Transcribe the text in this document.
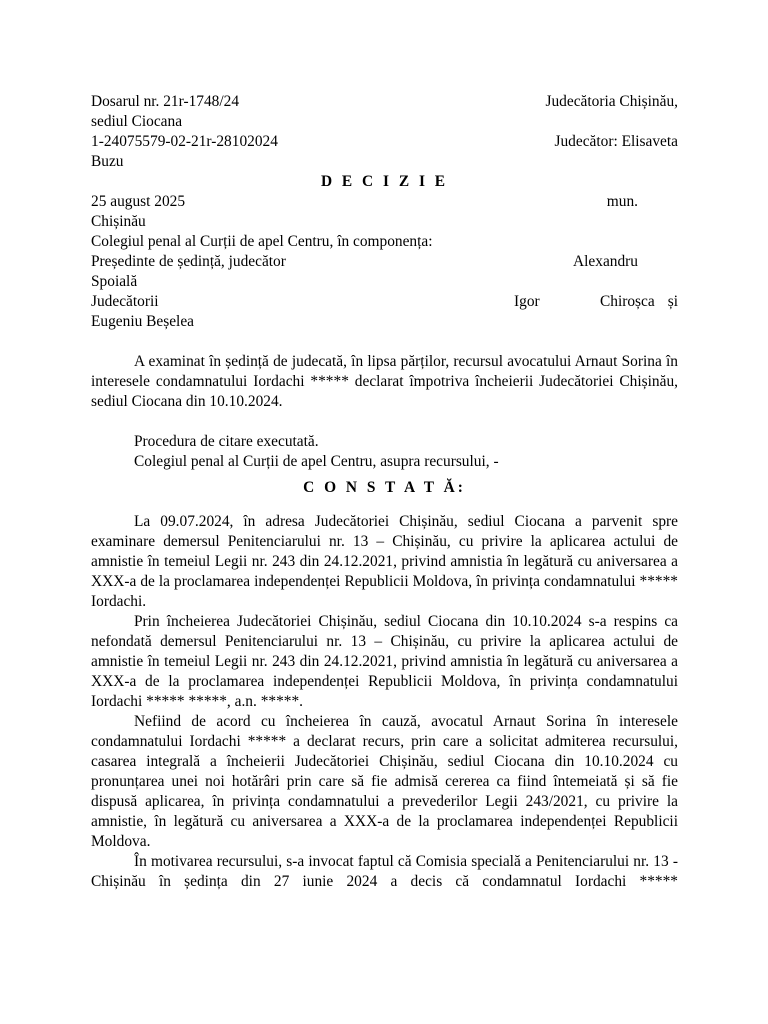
Dosarul nr. 21r-1748/24	Judecătoria Chișinău,
sediul Ciocana
1-24075579-02-21r-28102024	Judecător: Elisaveta
Buzu
D E C I Z I E
25 august 2025	mun.
Chișinău
Colegiul penal al Curții de apel Centru, în componența:
Președinte de ședință, judecător	Alexandru
Spoială
Judecătorii	Igor	Chiroșca și
Eugeniu Beșelea

A examinat în ședință de judecată, în lipsa părților, recursul avocatului Arnaut Sorina în interesele condamnatului Iordachi ***** declarat împotriva încheierii Judecătoriei Chișinău, sediul Ciocana din 10.10.2024.

Procedura de citare executată.
Colegiul penal al Curții de apel Centru, asupra recursului, -
C O N S T A T Ă:

La 09.07.2024, în adresa Judecătoriei Chișinău, sediul Ciocana a parvenit spre examinare demersul Penitenciarului nr. 13 – Chișinău, cu privire la aplicarea actului de amnistie în temeiul Legii nr. 243 din 24.12.2021, privind amnistia în legătură cu aniversarea a XXX-a de la proclamarea independenței Republicii Moldova, în privința condamnatului ***** Iordachi.

Prin încheierea Judecătoriei Chișinău, sediul Ciocana din 10.10.2024 s-a respins ca nefondată demersul Penitenciarului nr. 13 – Chișinău, cu privire la aplicarea actului de amnistie în temeiul Legii nr. 243 din 24.12.2021, privind amnistia în legătură cu aniversarea a XXX-a de la proclamarea independenței Republicii Moldova, în privința condamnatului Iordachi ***** *****, a.n. *****.

Nefiind de acord cu încheierea în cauză, avocatul Arnaut Sorina în interesele condamnatului Iordachi ***** a declarat recurs, prin care a solicitat admiterea recursului, casarea integrală a încheierii Judecătoriei Chișinău, sediul Ciocana din 10.10.2024 cu pronunțarea unei noi hotărâri prin care să fie admisă cererea ca fiind întemeiată și să fie dispusă aplicarea, în privința condamnatului a prevederilor Legii 243/2021, cu privire la amnistie, în legătură cu aniversarea a XXX-a de la proclamarea independenței Republicii Moldova.

În motivarea recursului, s-a invocat faptul că Comisia specială a Penitenciarului nr. 13 - Chișinău în ședința din 27 iunie 2024 a decis că condamnatul Iordachi *****
